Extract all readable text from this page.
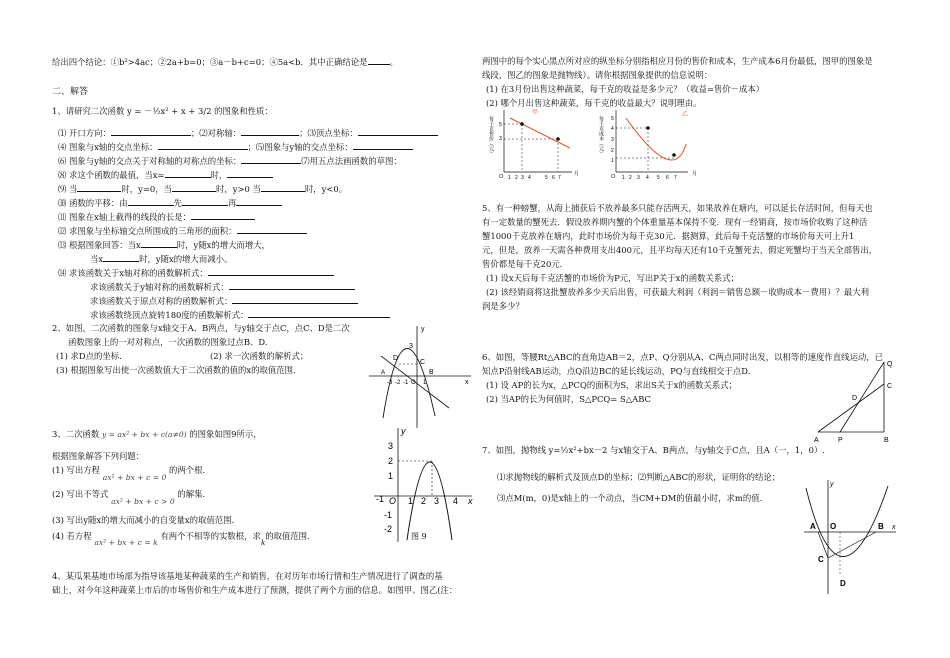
给出四个结论：①b²>4ac；②2a+b=0；③a－b+c=0；④5a<b．其中正确结论是	。
二、解答
1、请研究二次函数 y = －½x² + x + 3/2 的图象和性质：
⑴ 开口方向：	；⑵对称轴：	；⑶顶点坐标：
⑷ 图象与x轴的交点坐标：	；⑸图象与y轴的交点坐标：
⑹ 图象与y轴的交点关于对称轴的对称点的坐标：	⑺用五点法画函数的草图：
⑻ 求这个函数的最值，当x=	时，
⑼ 当	时，y=0，当	时，y>0 当	时，y<0。
⑽ 函数的平移：由	先	再
⑾ 图象在x轴上截得的线段的长是：
⑿ 求图象与坐标轴交点所围成的三角形的面积：
⒀ 根据图象回答：当x	时，y随x的增大而增大，
当x	时，y随x的增大而减小。
⒁ 求该函数关于x轴对称的函数解析式：
求该函数关于y轴对称的函数解析式：
求该函数关于原点对称的函数解析式：
求该函数绕顶点旋转180度的函数解析式：
2、如图，二次函数的图象与x轴交于A、B两点，与y轴交于点C，点C、D是二次
函数图象上的一对对称点，一次函数的图象过点B、D.
(1) 求D点的坐标.	(2) 求一次函数的解析式；
(3) 根据图象写出使一次函数值大于二次函数的值的x的取值范围.
y
3
C
D
A
O
B
x
-3 -2 -1 1
3、二次函数 y = ax² + bx + c(a≠0) 的图象如图9所示，
根据图象解答下列问题：
(1) 写出方程 ax² + bx + c = 0 的两个根.
(2) 写出不等式 ax² + bx + c > 0 的解集.
(3) 写出y随x的增大而减小的自变量x的取值范围.
(4) 若方程 ax² + bx + c = k 有两个不相等的实数根，求$_k$的取值范围.
y
3
2
1
-1 O 1 2 3 4 x
-1
-2
图 9
4、某瓜果基地市场部为指导该基地某种蔬菜的生产和销售，在对历年市场行情和生产情况进行了调查的基
础上，对今年这种蔬菜上市后的市场售价和生产成本进行了预测，提供了两个方面的信息。如图甲、图乙(注：
两图中的每个实心黑点所对应的纵坐标分别指相应月份的售价和成本，生产成本6月份最低，图甲的图象是
线段，图乙的图象是抛物线）。请你根据图象提供的信息说明：
(1) 在3月份出售这种蔬菜，每千克的收益是多少元？（收益=售价－成本）
(2) 哪个月出售这种蔬菜，每千克的收益最大？说明理由。
甲
每千克售价（元） 5
3
O 1 2 3 4	5 6 7
月
乙
每千克成本（元） 5
4
3
2
1
O 1 2 3 4 5 6 7
月
5、有一种螃蟹，从海上捕获后不放养最多只能存活两天，如果放养在塘内，可以延长存活时间，但每天也
有一定数量的蟹死去．假设放养期内蟹的个体重量基本保持不变．现有一经销商，按市场价收购了这种活
蟹1000千克放养在塘内，此时市场价为每千克30元．据测算，此后每千克活蟹的市场价每天可上升1
元，但是，放养一天需各种费用支出400元，且平均每天还有10千克蟹死去，假定死蟹均于当天全部售出，
售价都是每千克20元．
(1) 设x天后每千克活蟹的市场价为P元，写出P关于x的函数关系式；
(2) 该经销商将这批蟹放养多少天后出售，可获最大利润（利润＝销售总额－收购成本－费用）？最大利
润是多少？
6、如图，等腰Rt△ABC的直角边AB＝2，点P、Q分别从A、C两点同时出发，以相等的速度作直线运动，已
知点P沿射线AB运动，点Q沿边BC的延长线运动，PQ与直线相交于点D.
(1) 设 AP的长为x，△PCQ的面积为S，求出S关于x的函数关系式；
(2) 当AP的长为何值时，S△PCQ= S△ABC
Q
C
D
A	B
P
7、如图，抛物线 y=½x²+bx－2 与x轴交于A、B两点，与y轴交于C点，且A（一，1，0）.
⑴求抛物线的解析式及顶点D的坐标；⑵判断△ABC的形状，证明你的结论；
⑶点M(m，0)是x轴上的一个动点，当CM+DM的值最小时，求m的值.
y
A O	B x
C
D
